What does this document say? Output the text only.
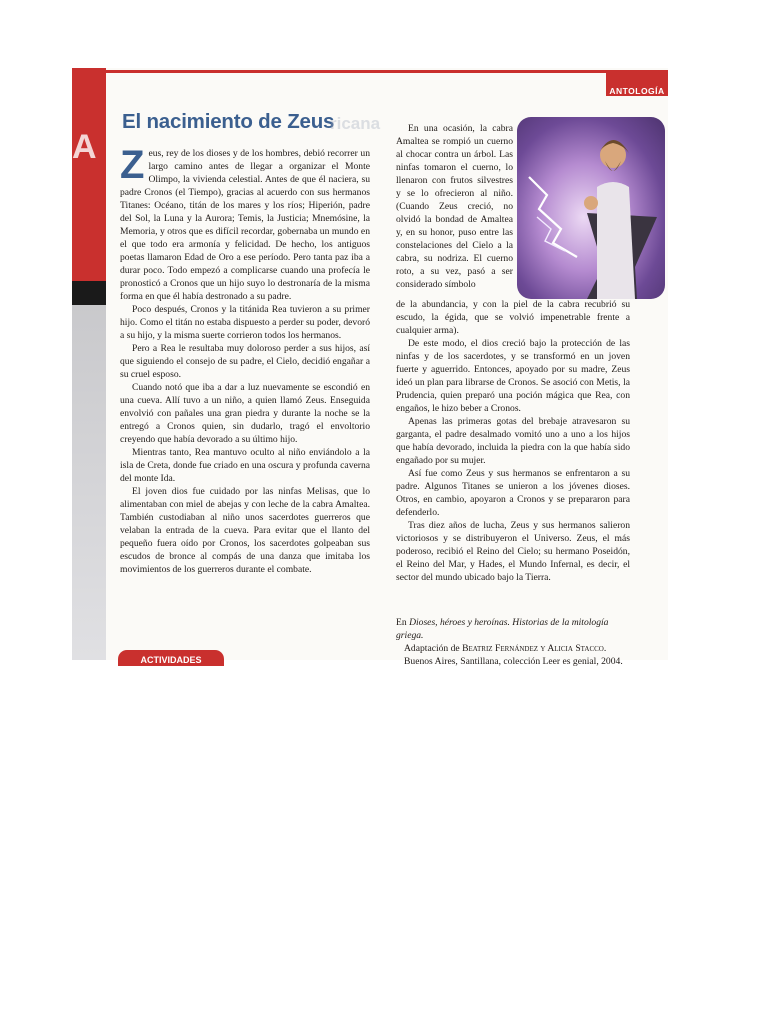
A
ANTOLOGÍA
El nacimiento de Zeus
ricana

Zeus, rey de los dioses y de los hombres, debió recorrer un largo camino antes de llegar a organizar el Monte Olimpo, la vivienda celestial. Antes de que él naciera, su padre Cronos (el Tiempo), gracias al acuerdo con sus hermanos Titanes: Océano, titán de los mares y los ríos; Hiperión, padre del Sol, la Luna y la Aurora; Temis, la Justicia; Mnemósine, la Memoria, y otros que es difícil recordar, gobernaba un mundo en el que todo era armonía y felicidad. De hecho, los antiguos poetas llamaron Edad de Oro a ese período. Pero tanta paz iba a durar poco. Todo empezó a complicarse cuando una profecía le pronosticó a Cronos que un hijo suyo lo destronaría de la misma forma en que él había destronado a su padre.

Poco después, Cronos y la titánida Rea tuvieron a su primer hijo. Como el titán no estaba dispuesto a perder su poder, devoró a su hijo, y la misma suerte corrieron todos los hermanos.

Pero a Rea le resultaba muy doloroso perder a sus hijos, así que siguiendo el consejo de su padre, el Cielo, decidió engañar a su cruel esposo.

Cuando notó que iba a dar a luz nuevamente se escondió en una cueva. Allí tuvo a un niño, a quien llamó Zeus. Enseguida envolvió con pañales una gran piedra y durante la noche se la entregó a Cronos quien, sin dudarlo, tragó el envoltorio creyendo que había devorado a su último hijo.

Mientras tanto, Rea mantuvo oculto al niño enviándolo a la isla de Creta, donde fue criado en una oscura y profunda caverna del monte Ida.

El joven dios fue cuidado por las ninfas Melisas, que lo alimentaban con miel de abejas y con leche de la cabra Amaltea. También custodiaban al niño unos sacerdotes guerreros que velaban la entrada de la cueva. Para evitar que el llanto del pequeño fuera oído por Cronos, los sacerdotes golpeaban sus escudos de bronce al compás de una danza que imitaba los movimientos de los guerreros durante el combate.

En una ocasión, la cabra Amaltea se rompió un cuerno al chocar contra un árbol. Las ninfas tomaron el cuerno, lo llenaron con frutos silvestres y se lo ofrecieron al niño. (Cuando Zeus creció, no olvidó la bondad de Amaltea y, en su honor, puso entre las constelaciones del Cielo a la cabra, su nodriza. El cuerno roto, a su vez, pasó a ser considerado símbolo

de la abundancia, y con la piel de la cabra recubrió su escudo, la égida, que se volvió impenetrable frente a cualquier arma).

De este modo, el dios creció bajo la protección de las ninfas y de los sacerdotes, y se transformó en un joven fuerte y aguerrido. Entonces, apoyado por su madre, Zeus ideó un plan para librarse de Cronos. Se asoció con Metis, la Prudencia, quien preparó una poción mágica que Rea, con engaños, le hizo beber a Cronos.

Apenas las primeras gotas del brebaje atravesaron su garganta, el padre desalmado vomitó uno a uno a los hijos que había devorado, incluida la piedra con la que había sido engañado por su mujer.

Así fue como Zeus y sus hermanos se enfrentaron a su padre. Algunos Titanes se unieron a los jóvenes dioses. Otros, en cambio, apoyaron a Cronos y se prepararon para defenderlo.

Tras diez años de lucha, Zeus y sus hermanos salieron victoriosos y se distribuyeron el Universo. Zeus, el más poderoso, recibió el Reino del Cielo; su hermano Poseidón, el Reino del Mar, y Hades, el Mundo Infernal, es decir, el sector del mundo ubicado bajo la Tierra.

En Dioses, héroes y heroínas. Historias de la mitología griega.

Adaptación de Beatriz Fernández y Alicia Stacco.

Buenos Aires, Santillana, colección Leer es genial, 2004.

ACTIVIDADES
